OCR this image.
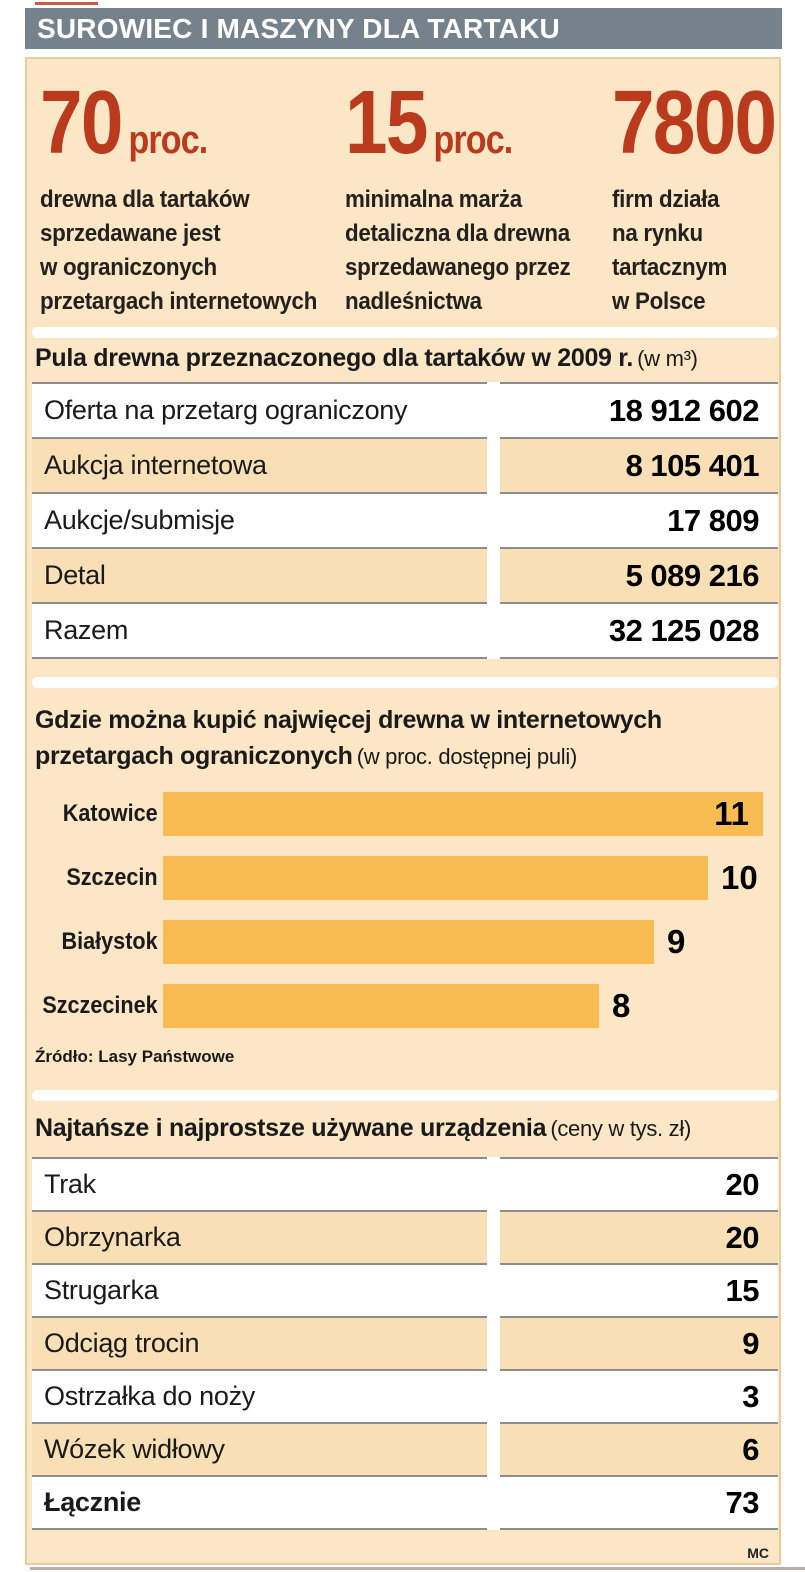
SUROWIEC I MASZYNY DLA TARTAKU
70 proc.
drewna dla tartaków
sprzedawane jest
w ograniczonych
przetargach internetowych
15 proc.
minimalna marża
detaliczna dla drewna
sprzedawanego przez
nadleśnictwa
7800
firm działa
na rynku
tartacznym
w Polsce
Pula drewna przeznaczonego dla tartaków w 2009 r. (w m³)
Oferta na przetarg ograniczony	18 912 602
Aukcja internetowa	8 105 401
Aukcje/submisje	17 809
Detal	5 089 216
Razem	32 125 028
Gdzie można kupić najwięcej drewna w internetowych
przetargach ograniczonych (w proc. dostępnej puli)
Katowice	11
Szczecin	10
Białystok	9
Szczecinek	8
Źródło: Lasy Państwowe
Najtańsze i najprostsze używane urządzenia (ceny w tys. zł)
Trak	20
Obrzynarka	20
Strugarka	15
Odciąg trocin	9
Ostrzałka do noży	3
Wózek widłowy	6
Łącznie	73
MC
